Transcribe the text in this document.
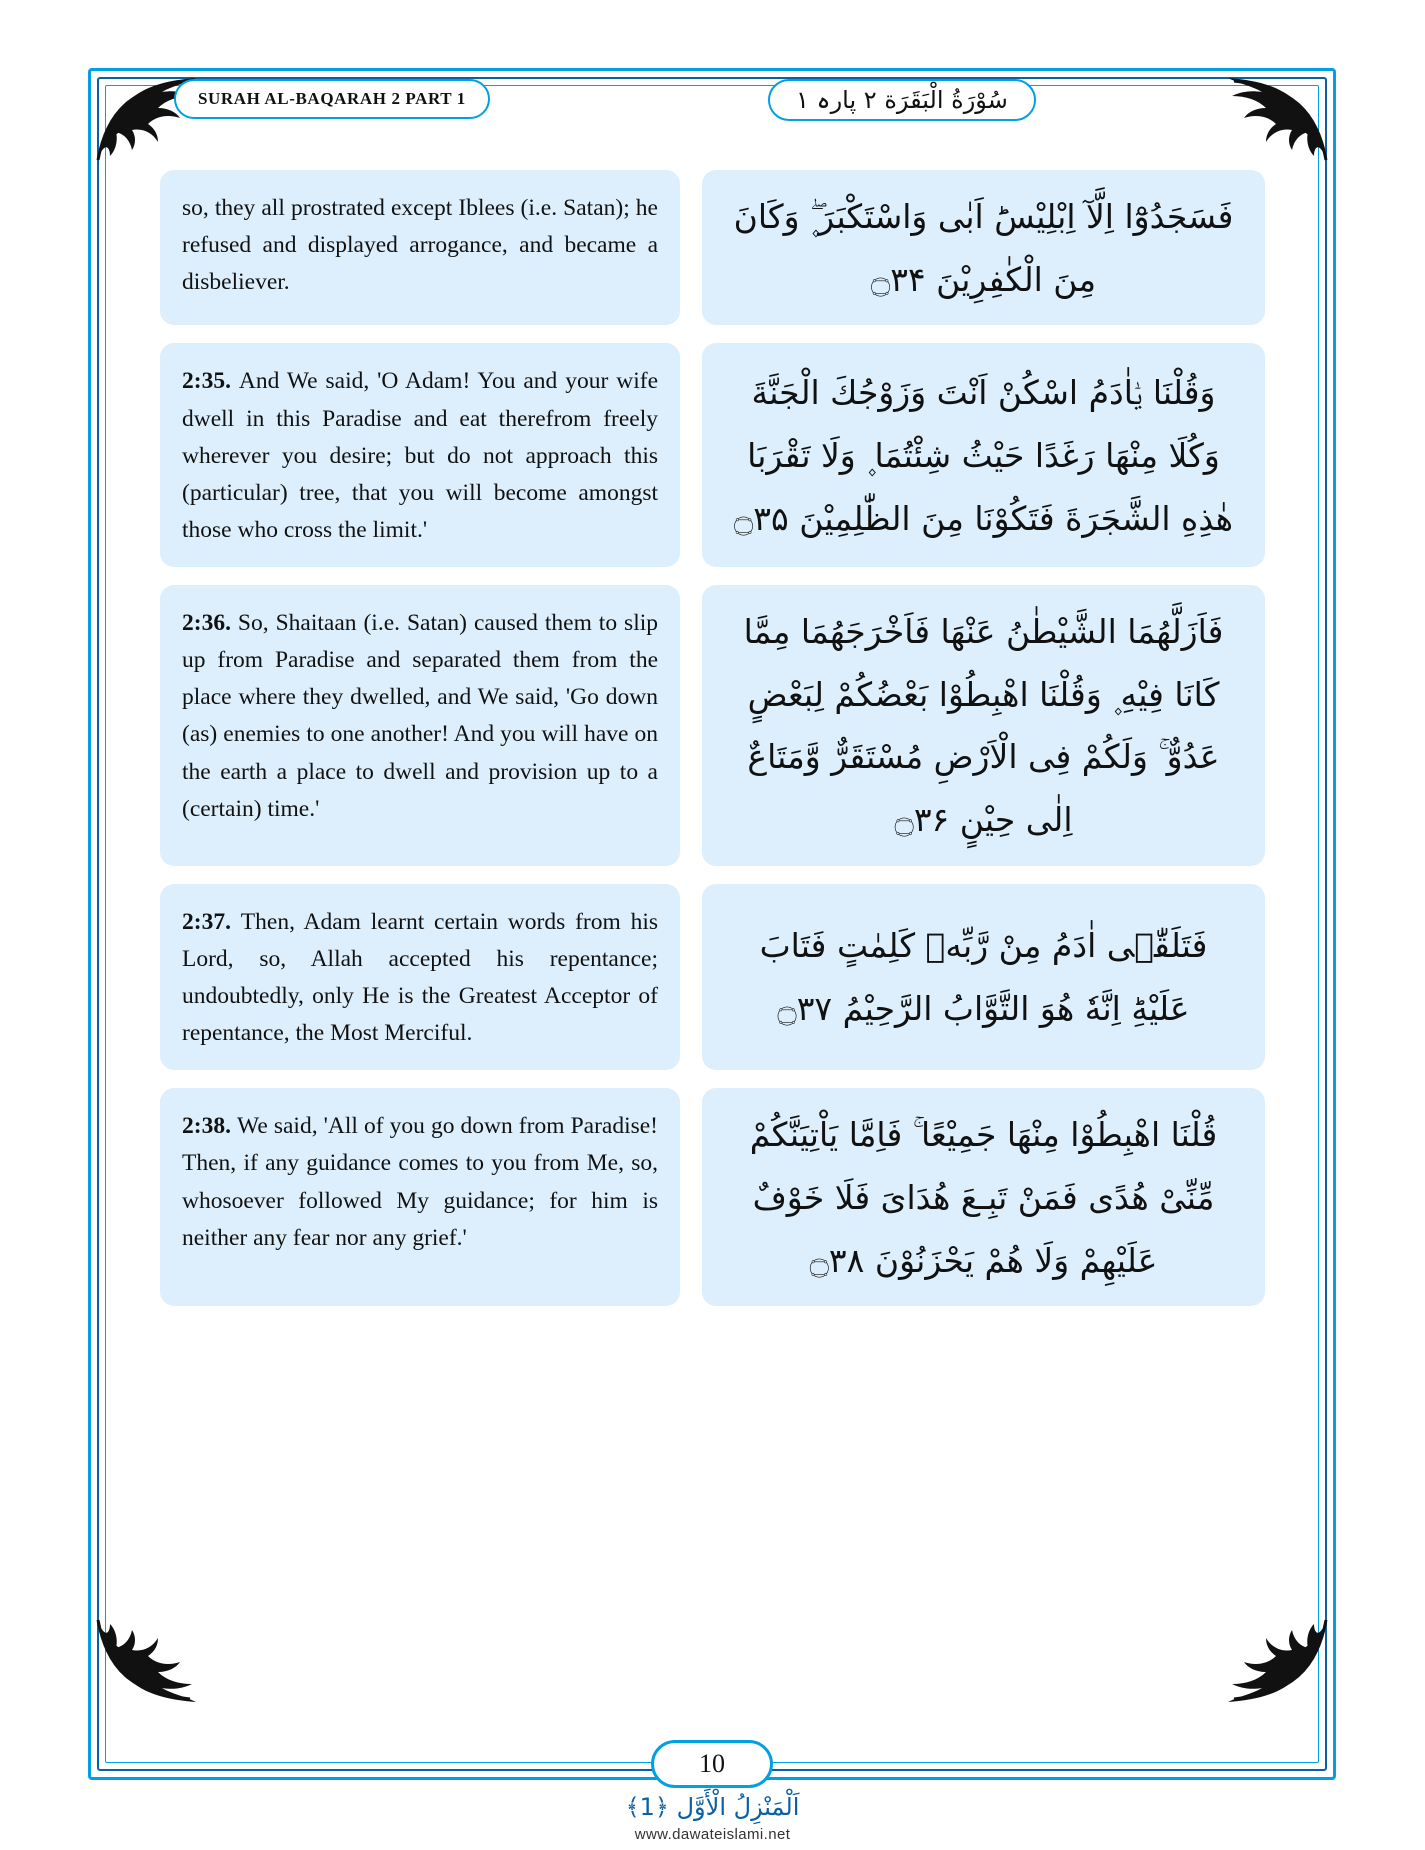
SURAH AL-BAQARAH 2 PART 1	سُوْرَةُ الْبَقَرَة ٢ پارہ ١
so, they all prostrated except Iblees (i.e. Satan); he refused and displayed arrogance, and became a disbeliever.
فَسَجَدُوْٓا اِلَّآ اِبْلِیْسَؕ اَبٰى وَاسْتَكْبَرَ ۪ۖ وَكَانَ مِنَ الْكٰفِرِیْنَ ۝۳۴
2:35. And We said, 'O Adam! You and your wife dwell in this Paradise and eat therefrom freely wherever you desire; but do not approach this (particular) tree, that you will become amongst those who cross the limit.'
وَقُلْنَا یٰۤاٰدَمُ اسْكُنْ اَنْتَ وَزَوْجُكَ الْجَنَّةَ وَكُلَا مِنْهَا رَغَدًا حَیْثُ شِئْتُمَا ۪ وَلَا تَقْرَبَا هٰذِهِ الشَّجَرَةَ فَتَكُوْنَا مِنَ الظّٰلِمِیْنَ ۝۳۵
2:36. So, Shaitaan (i.e. Satan) caused them to slip up from Paradise and separated them from the place where they dwelled, and We said, 'Go down (as) enemies to one another! And you will have on the earth a place to dwell and provision up to a (certain) time.'
فَاَزَلَّهُمَا الشَّیْطٰنُ عَنْهَا فَاَخْرَجَهُمَا مِمَّا كَانَا فِیْهِ ۪ وَقُلْنَا اهْبِطُوْا بَعْضُكُمْ لِبَعْضٍ عَدُوٌّ ۚ وَلَكُمْ فِی الْاَرْضِ مُسْتَقَرٌّ وَّمَتَاعٌ اِلٰى حِیْنٍ ۝۳۶
2:37. Then, Adam learnt certain words from his Lord, so, Allah accepted his repentance; undoubtedly, only He is the Greatest Acceptor of repentance, the Most Merciful.
فَتَلَقّٰۤى اٰدَمُ مِنْ رَّبِّهٖ كَلِمٰتٍ فَتَابَ عَلَیْهِؕ اِنَّهٗ هُوَ التَّوَّابُ الرَّحِیْمُ ۝۳۷
2:38. We said, 'All of you go down from Paradise! Then, if any guidance comes to you from Me, so, whosoever followed My guidance; for him is neither any fear nor any grief.'
قُلْنَا اهْبِطُوْا مِنْهَا جَمِیْعًا ۚ فَاِمَّا یَاْتِیَنَّكُمْ مِّنِّیْ هُدًى فَمَنْ تَبِـعَ هُدَاىَ فَلَا خَوْفٌ عَلَیْهِمْ وَلَا هُمْ یَحْزَنُوْنَ ۝۳۸
10
اَلْمَنْزِلُ الْأَوَّل ﴿1﴾
www.dawateislami.net
